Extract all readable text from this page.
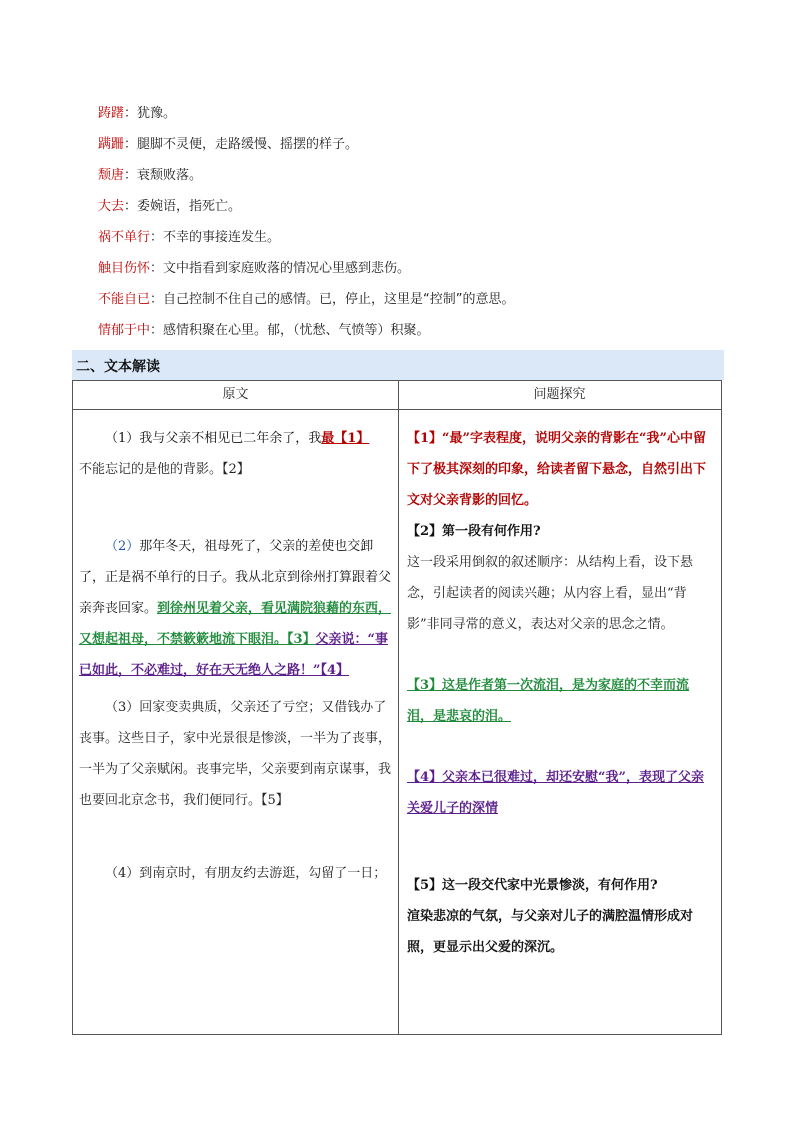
踌躇：犹豫。
蹒跚：腿脚不灵便，走路缓慢、摇摆的样子。
颓唐：衰颓败落。
大去：委婉语，指死亡。
祸不单行：不幸的事接连发生。
触目伤怀：文中指看到家庭败落的情况心里感到悲伤。
不能自已：自己控制不住自己的感情。已，停止，这里是“控制”的意思。
情郁于中：感情积聚在心里。郁，（忧愁、气愤等）积聚。
二、文本解读
原文	问题探究

（1）我与父亲不相见已二年余了，我最【1】

不能忘记的是他的背影。【2】

（2）那年冬天，祖母死了，父亲的差使也交卸了，正是祸不单行的日子。我从北京到徐州打算跟着父亲奔丧回家。到徐州见着父亲，看见满院狼藉的东西，又想起祖母，不禁簌簌地流下眼泪。【3】父亲说：“事已如此，不必难过，好在天无绝人之路！”【4】

（3）回家变卖典质，父亲还了亏空；又借钱办了丧事。这些日子，家中光景很是惨淡，一半为了丧事，一半为了父亲赋闲。丧事完毕，父亲要到南京谋事，我也要回北京念书，我们便同行。【5】

（4）到南京时，有朋友约去游逛，勾留了一日；

【1】“最”字表程度，说明父亲的背影在“我”心中留下了极其深刻的印象，给读者留下悬念，自然引出下文对父亲背影的回忆。

【2】第一段有何作用?

这一段采用倒叙的叙述顺序：从结构上看，设下悬念，引起读者的阅读兴趣；从内容上看，显出“背影”非同寻常的意义，表达对父亲的思念之情。

【3】这是作者第一次流泪，是为家庭的不幸而流泪，是悲哀的泪。

【4】父亲本已很难过，却还安慰“我”，表现了父亲关爱儿子的深情

【5】这一段交代家中光景惨淡，有何作用?

渲染悲凉的气氛，与父亲对儿子的满腔温情形成对照，更显示出父爱的深沉。
